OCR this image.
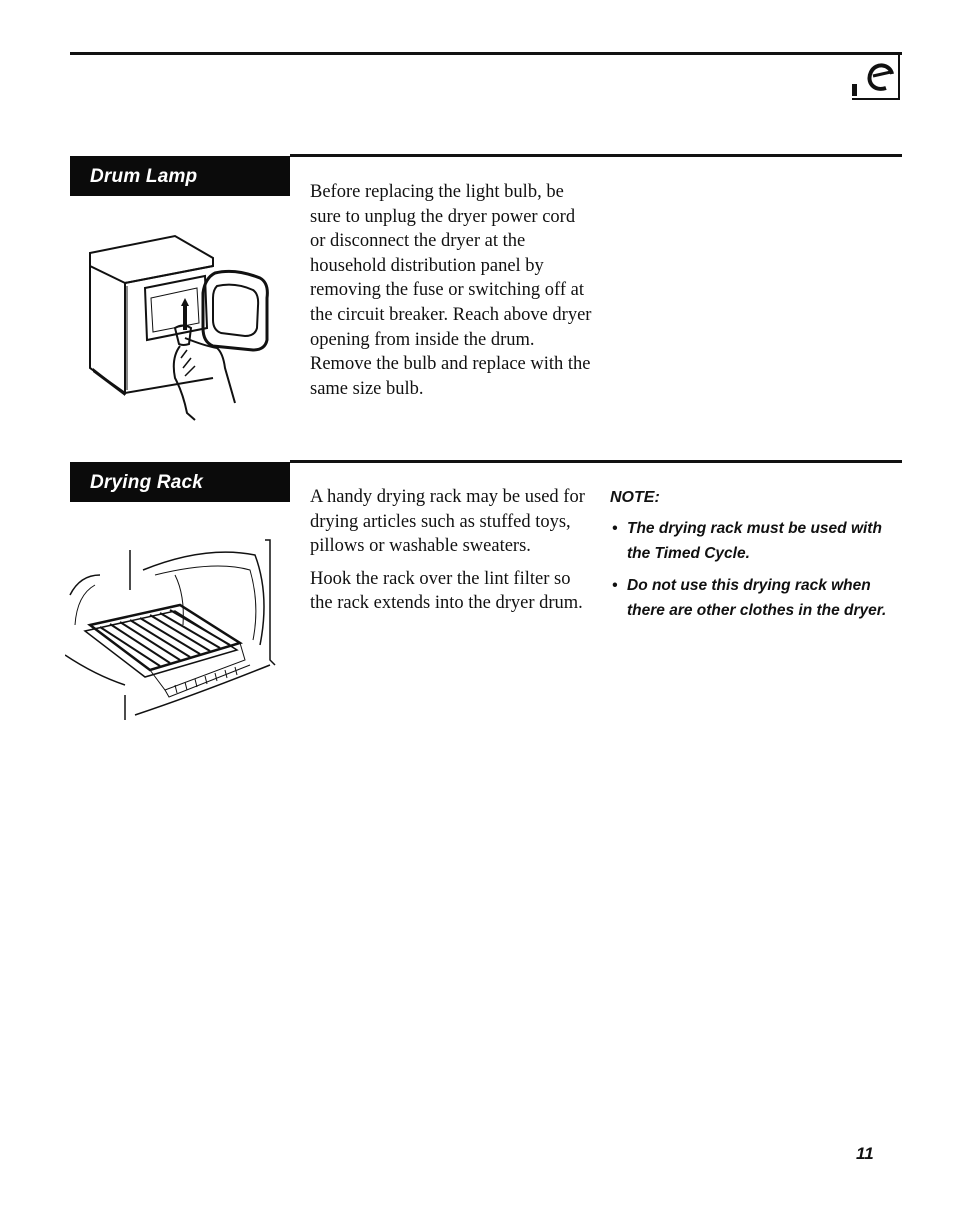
Drum Lamp

Before replacing the light bulb, be sure to unplug the dryer power cord or disconnect the dryer at the household distribution panel by removing the fuse or switching off at the circuit breaker. Reach above dryer opening from inside the drum. Remove the bulb and replace with the same size bulb.

Drying Rack

A handy drying rack may be used for drying articles such as stuffed toys, pillows or washable sweaters.

Hook the rack over the lint filter so the rack extends into the dryer drum.

NOTE:
• The drying rack must be used with the Timed Cycle.
• Do not use this drying rack when there are other clothes in the dryer.
11
